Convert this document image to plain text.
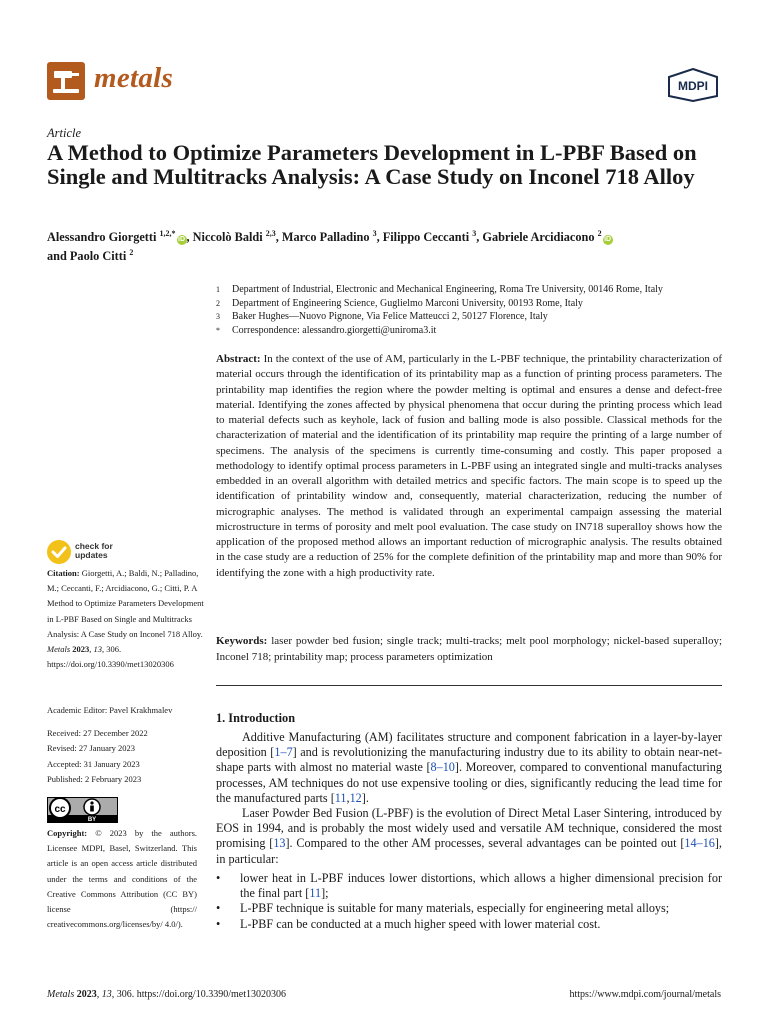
metals	MDPI
Article
A Method to Optimize Parameters Development in L-PBF Based on Single and Multitracks Analysis: A Case Study on Inconel 718 Alloy
Alessandro Giorgetti $^{1,2,*}$iD , Niccolò Baldi $^{2,3}$, Marco Palladino $^3$, Filippo Ceccanti $^3$, Gabriele Arcidiacono $^2$iD
and Paolo Citti $^2$
1	Department of Industrial, Electronic and Mechanical Engineering, Roma Tre University, 00146 Rome, Italy
2	Department of Engineering Science, Guglielmo Marconi University, 00193 Rome, Italy
3	Baker Hughes—Nuovo Pignone, Via Felice Matteucci 2, 50127 Florence, Italy
*	Correspondence: alessandro.giorgetti@uniroma3.it

Abstract: In the context of the use of AM, particularly in the L-PBF technique, the printability characterization of material occurs through the identification of its printability map as a function of printing process parameters. The printability map identifies the region where the powder melting is optimal and ensures a dense and defect-free material. Identifying the zones affected by physical phenomena that occur during the printing process which lead to material defects such as keyhole, lack of fusion and balling mode is also possible. Classical methods for the characterization of material and the identification of its printability map require the printing of a large number of specimens. The analysis of the specimens is currently time-consuming and costly. This paper proposed a methodology to identify optimal process parameters in L-PBF using an integrated single and multi-tracks analyses embedded in an overall algorithm with detailed metrics and specific factors. The main scope is to speed up the identification of printability window and, consequently, material characterization, reducing the number of micrographic analyses. The method is validated through an experimental campaign assessing the material microstructure in terms of porosity and melt pool evaluation. The case study on IN718 superalloy shows how the application of the proposed method allows an important reduction of micrographic analysis. The results obtained in the case study are a reduction of 25% for the complete definition of the printability map and more than 90% for identifying the zone with a high productivity rate.

Keywords: laser powder bed fusion; single track; multi-tracks; melt pool morphology; nickel-based superalloy; Inconel 718; printability map; process parameters optimization

check for
updates
Citation: Giorgetti, A.; Baldi, N.; Palladino, M.; Ceccanti, F.; Arcidiacono, G.; Citti, P. A Method to Optimize Parameters Development in L-PBF Based on Single and Multitracks Analysis: A Case Study on Inconel 718 Alloy. Metals 2023, 13, 306. https://doi.org/10.3390/met13020306
Academic Editor: Pavel Krakhmalev
Received: 27 December 2022
Revised: 27 January 2023
Accepted: 31 January 2023
Published: 2 February 2023
cc
BY
Copyright: © 2023 by the authors. Licensee MDPI, Basel, Switzerland. This article is an open access article distributed under the terms and conditions of the Creative Commons Attribution (CC BY) license (https:// creativecommons.org/licenses/by/ 4.0/).
1. Introduction

Additive Manufacturing (AM) facilitates structure and component fabrication in a layer-by-layer deposition [1–7] and is revolutionizing the manufacturing industry due to its ability to obtain near-net-shape parts with almost no material waste [8–10]. Moreover, compared to conventional manufacturing processes, AM techniques do not use expensive tooling or dies, significantly reducing the lead time for the manufactured parts [11,12].

Laser Powder Bed Fusion (L-PBF) is the evolution of Direct Metal Laser Sintering, introduced by EOS in 1994, and is probably the most widely used and versatile AM technique, considered the most promising [13]. Compared to the other AM processes, several advantages can be pointed out [14–16], in particular:

• lower heat in L-PBF induces lower distortions, which allows a higher dimensional precision for the final part [11];
• L-PBF technique is suitable for many materials, especially for engineering metal alloys;
• L-PBF can be conducted at a much higher speed with lower material cost.
Metals 2023, 13, 306. https://doi.org/10.3390/met13020306	https://www.mdpi.com/journal/metals
